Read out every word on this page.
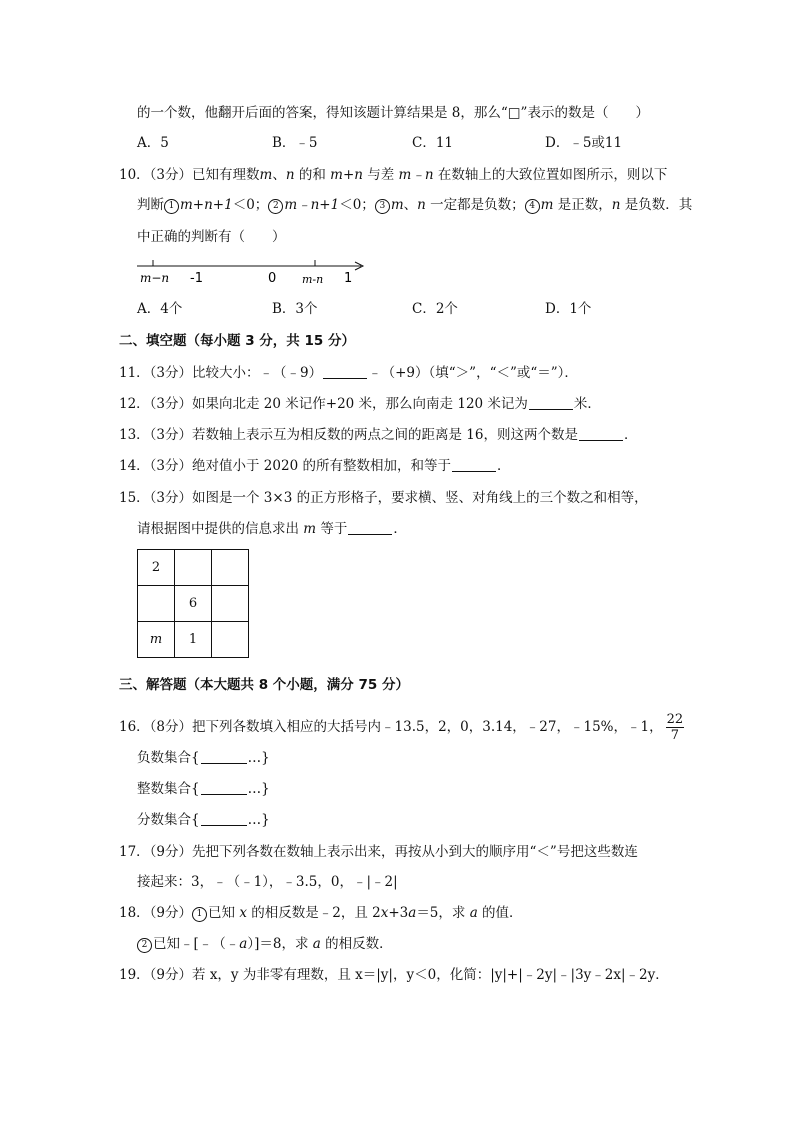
的一个数，他翻开后面的答案，得知该题计算结果是 8，那么“□”表示的数是（　　）
A．5	B．﹣5	C．11	D．﹣5或11
10．（3分）已知有理数m、n 的和 m+n 与差 m﹣n 在数轴上的大致位置如图所示，则以下
判断 1 m+n+1＜0； 2 m﹣n+1＜0； 3 m、n 一定都是负数； 4 m 是正数，n 是负数．其
中正确的判断有（　　）
m−n -1	0 m-n 1
A．4个	B．3个	C．2个	D．1个
二、填空题（每小题 3 分，共 15 分）
11．（3分）比较大小：﹣（﹣9）	﹣（+9）（填“＞”，“＜”或“＝”）．
12．（3分）如果向北走 20 米记作+20 米，那么向南走 120 米记为	米．
13．（3分）若数轴上表示互为相反数的两点之间的距离是 16，则这两个数是	．
14．（3分）绝对值小于 2020 的所有整数相加，和等于	．
15．（3分）如图是一个 3×3 的正方形格子，要求横、竖、对角线上的三个数之和相等，
请根据图中提供的信息求出 m 等于	．
2		
	6	
m	1	
三、解答题（本大题共 8 个小题，满分 75 分）
16．（8分）把下列各数填入相应的大括号内﹣13.5，2，0，3.14，﹣27，﹣15%，﹣1， $\frac{22}{7}$
负数集合{	…}
整数集合{	…}
分数集合{	…}
17．（9分）先把下列各数在数轴上表示出来，再按从小到大的顺序用“＜”号把这些数连
接起来：3，﹣（﹣1），﹣3.5，0，﹣|﹣2|
18．（9分） 1 已知 x 的相反数是﹣2，且 2x+3a＝5，求 a 的值．
2 已知﹣[﹣（﹣a）]＝8，求 a 的相反数．
19．（9分）若 x，y 为非零有理数，且 x＝|y|，y＜0，化简：|y|+|﹣2y|﹣|3y﹣2x|﹣2y．
